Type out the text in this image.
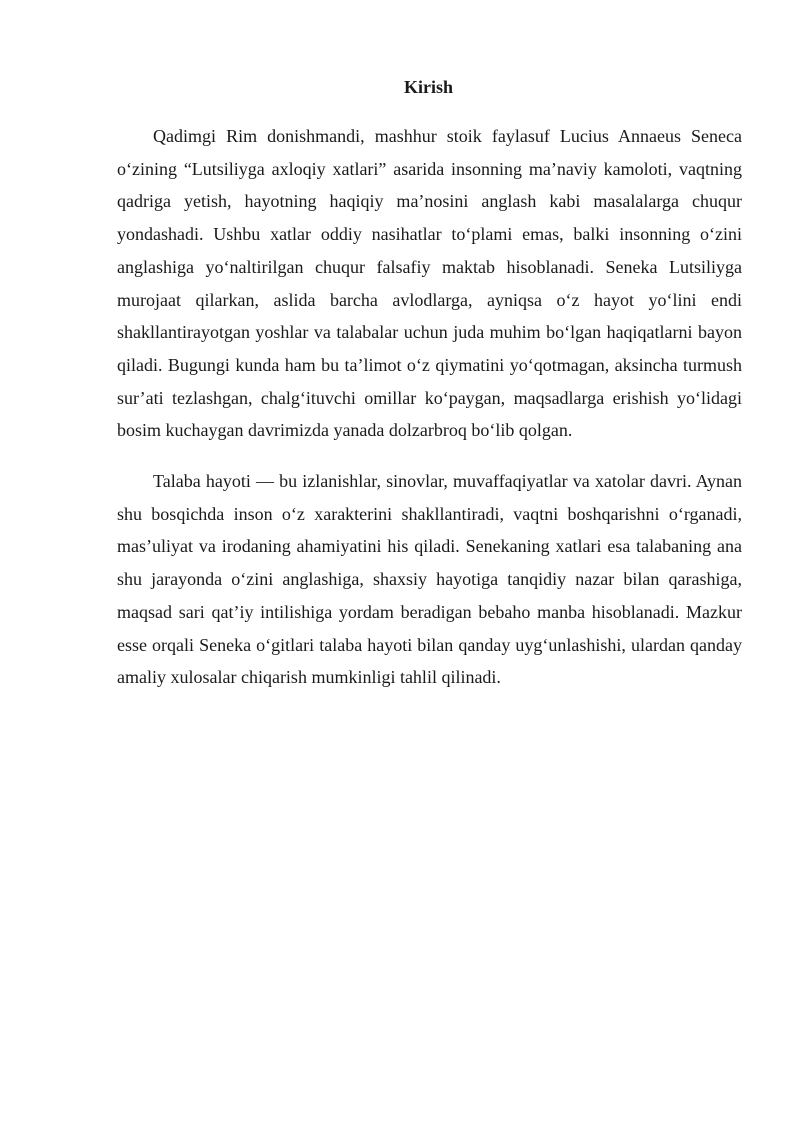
Kirish

Qadimgi Rim donishmandi, mashhur stoik faylasuf Lucius Annaeus Seneca o‘zining “Lutsiliyga axloqiy xatlari” asarida insonning ma’naviy kamoloti, vaqtning qadriga yetish, hayotning haqiqiy ma’nosini anglash kabi masalalarga chuqur yondashadi. Ushbu xatlar oddiy nasihatlar to‘plami emas, balki insonning o‘zini anglashiga yo‘naltirilgan chuqur falsafiy maktab hisoblanadi. Seneka Lutsiliyga murojaat qilarkan, aslida barcha avlodlarga, ayniqsa o‘z hayot yo‘lini endi shakllantirayotgan yoshlar va talabalar uchun juda muhim bo‘lgan haqiqatlarni bayon qiladi. Bugungi kunda ham bu ta’limot o‘z qiymatini yo‘qotmagan, aksincha turmush sur’ati tezlashgan, chalg‘ituvchi omillar ko‘paygan, maqsadlarga erishish yo‘lidagi bosim kuchaygan davrimizda yanada dolzarbroq bo‘lib qolgan.

Talaba hayoti — bu izlanishlar, sinovlar, muvaffaqiyatlar va xatolar davri. Aynan shu bosqichda inson o‘z xarakterini shakllantiradi, vaqtni boshqarishni o‘rganadi, mas’uliyat va irodaning ahamiyatini his qiladi. Senekaning xatlari esa talabaning ana shu jarayonda o‘zini anglashiga, shaxsiy hayotiga tanqidiy nazar bilan qarashiga, maqsad sari qat’iy intilishiga yordam beradigan bebaho manba hisoblanadi. Mazkur esse orqali Seneka o‘gitlari talaba hayoti bilan qanday uyg‘unlashishi, ulardan qanday amaliy xulosalar chiqarish mumkinligi tahlil qilinadi.
